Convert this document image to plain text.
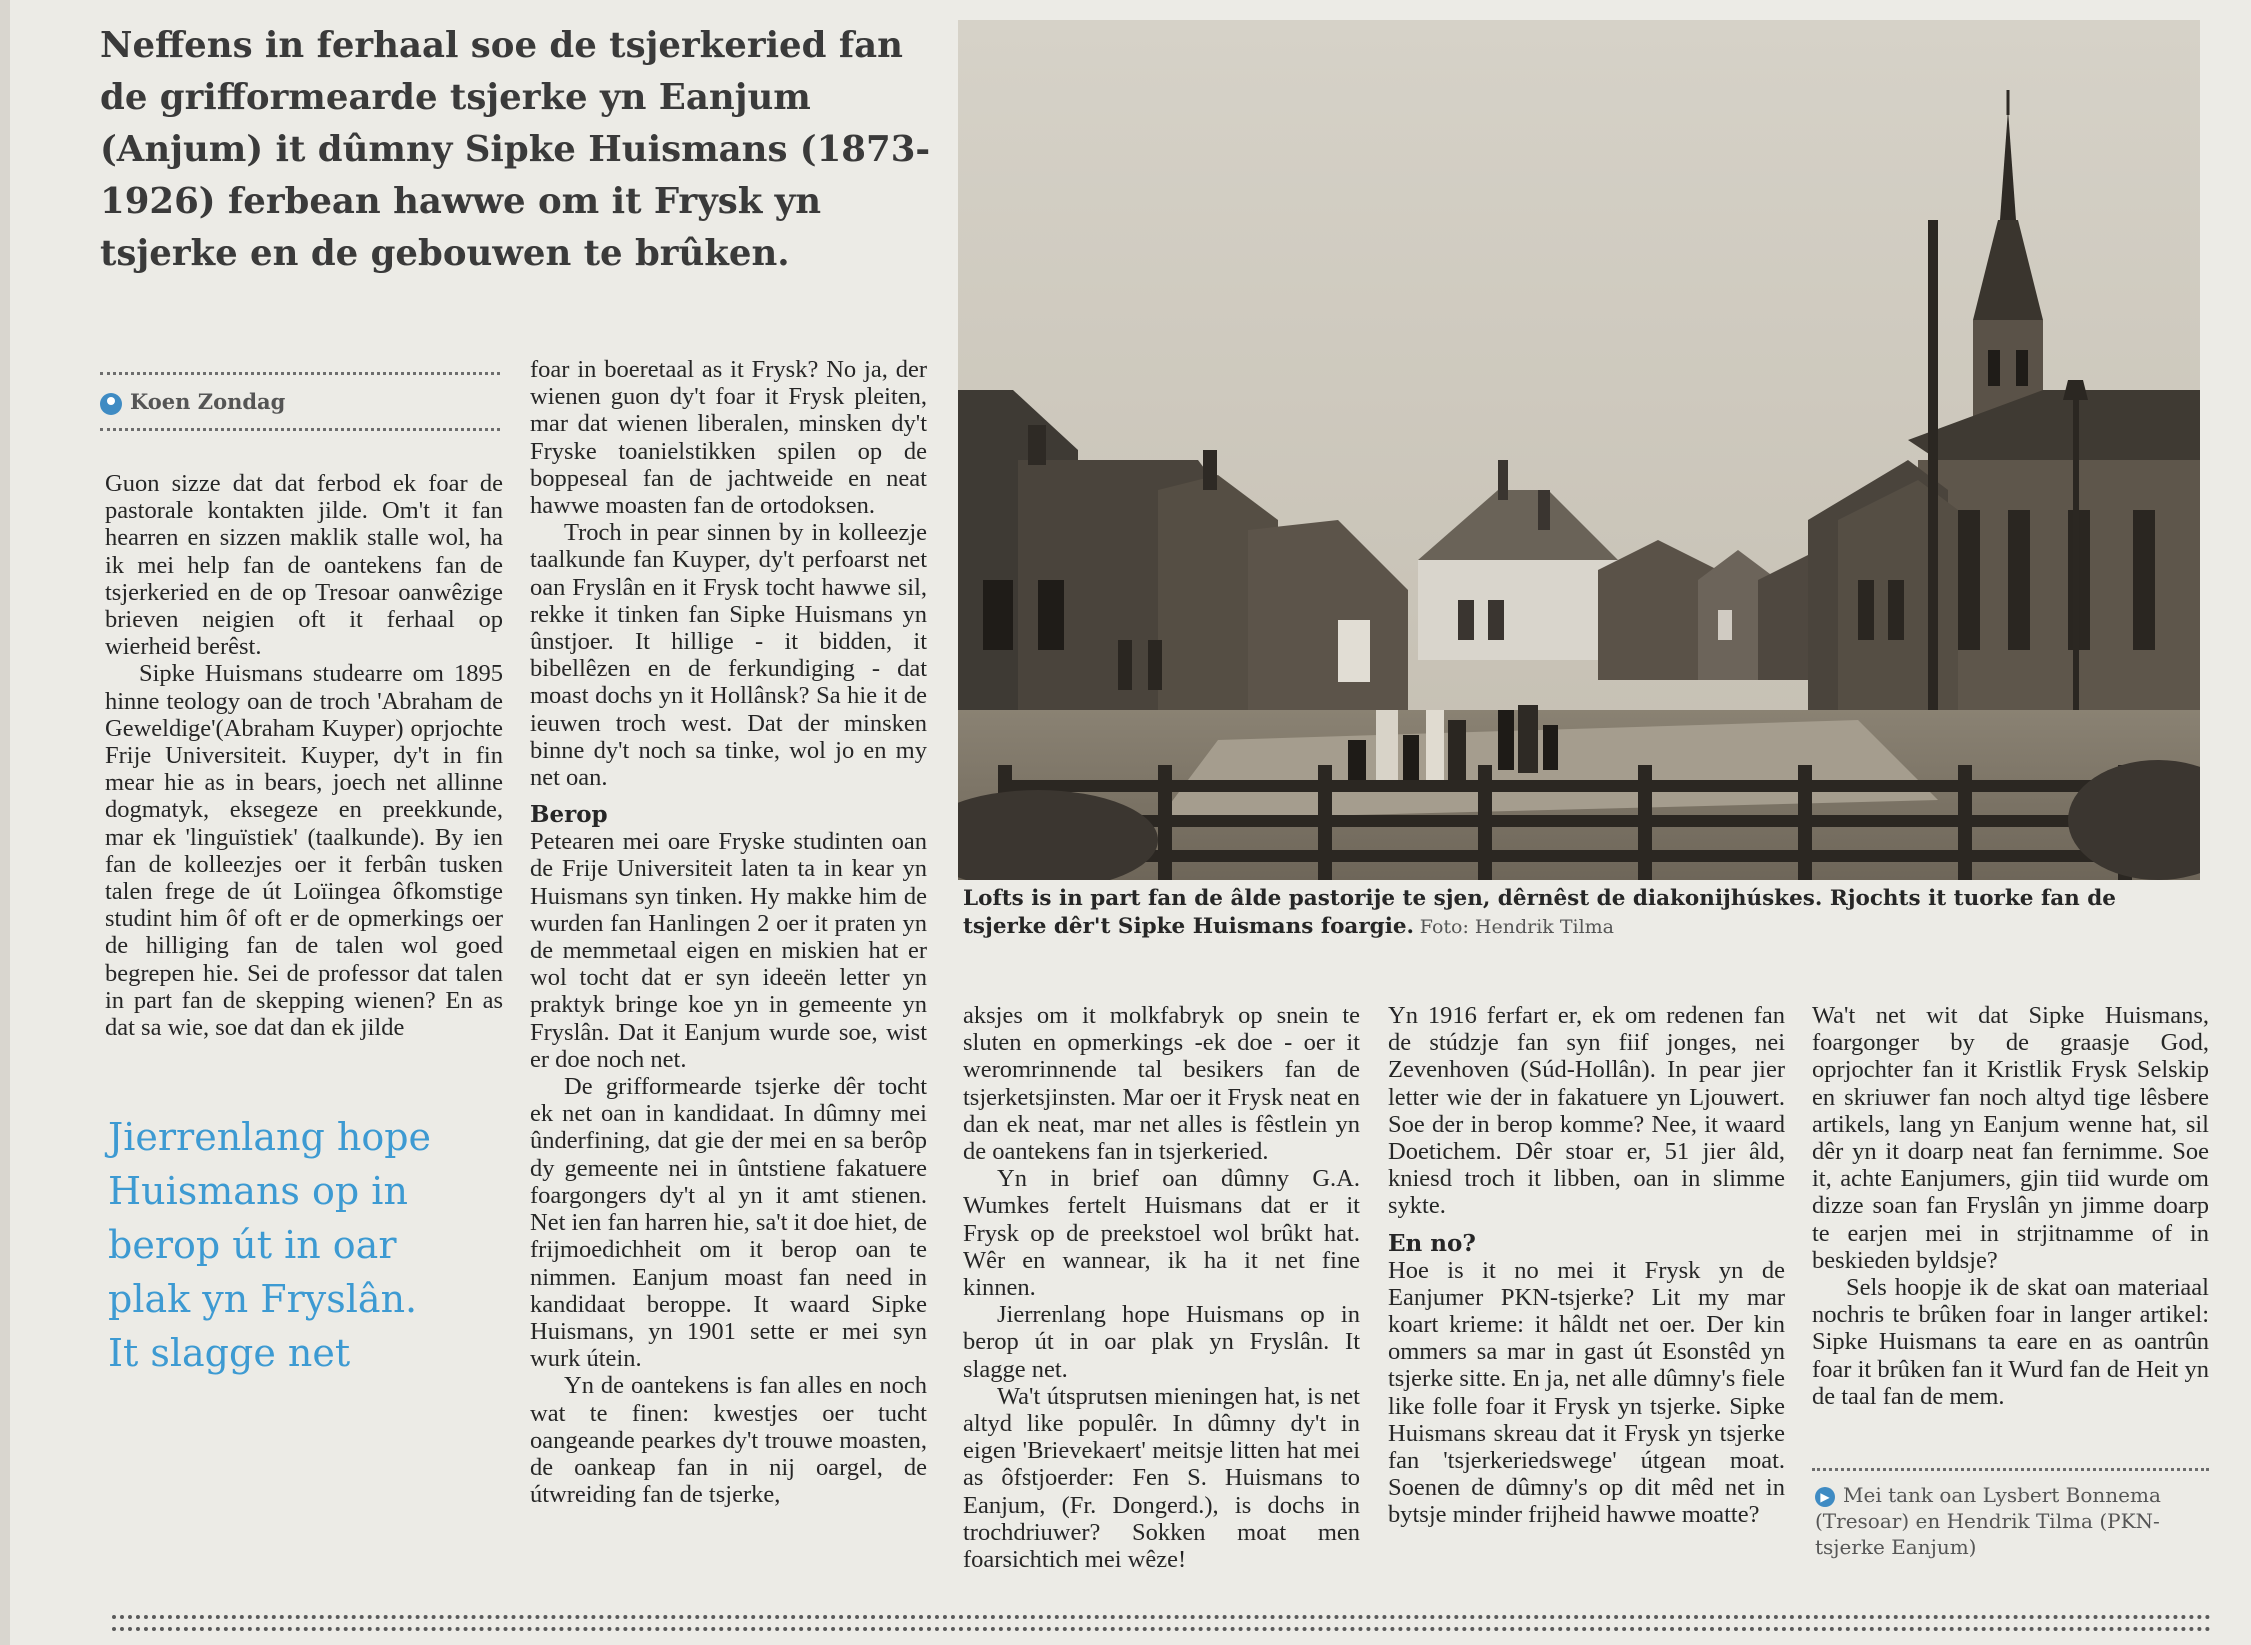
Neffens in ferhaal soe de tsjerkeried fan de grifformearde tsjerke yn Eanjum (Anjum) it dûmny Sipke Huismans (1873-1926) ferbean hawwe om it Frysk yn tsjerke en de gebouwen te brûken.
Koen Zondag

Guon sizze dat dat ferbod ek foar de pastorale kontakten jilde. Om't it fan hearren en sizzen maklik stalle wol, ha ik mei help fan de oantekens fan de tsjerkeried en de op Tresoar oanwêzige brieven neigien oft it ferhaal op wierheid berêst.

Sipke Huismans studearre om 1895 hinne teology oan de troch 'Abraham de Geweldige'(Abraham Kuyper) oprjochte Frije Universiteit. Kuyper, dy't in fin mear hie as in bears, joech net allinne dogmatyk, eksegeze en preekkunde, mar ek 'linguïstiek' (taalkunde). By ien fan de kolleezjes oer it ferbân tusken talen frege de út Loïingea ôfkomstige studint him ôf oft er de opmerkings oer de hilliging fan de talen wol goed begrepen hie. Sei de professor dat talen in part fan de skepping wienen? En as dat sa wie, soe dat dan ek jilde

Jierrenlang hope Huismans op in berop út in oar plak yn Fryslân. It slagge net

foar in boeretaal as it Frysk? No ja, der wienen guon dy't foar it Frysk pleiten, mar dat wienen liberalen, minsken dy't Fryske toanielstikken spilen op de boppeseal fan de jachtweide en neat hawwe moasten fan de ortodoksen.

Troch in pear sinnen by in kolleezje taalkunde fan Kuyper, dy't perfoarst net oan Fryslân en it Frysk tocht hawwe sil, rekke it tinken fan Sipke Huismans yn ûnstjoer. It hillige - it bidden, it bibellêzen en de ferkundiging - dat moast dochs yn it Hollânsk? Sa hie it de ieuwen troch west. Dat der minsken binne dy't noch sa tinke, wol jo en my net oan.

Berop

Petearen mei oare Fryske studinten oan de Frije Universiteit laten ta in kear yn Huismans syn tinken. Hy makke him de wurden fan Hanlingen 2 oer it praten yn de memmetaal eigen en miskien hat er wol tocht dat er syn ideeën letter yn praktyk bringe koe yn in gemeente yn Fryslân. Dat it Eanjum wurde soe, wist er doe noch net.

De grifformearde tsjerke dêr tocht ek net oan in kandidaat. In dûmny mei ûnderfining, dat gie der mei en sa berôp dy gemeente nei in ûntstiene fakatuere foargongers dy't al yn it amt stienen. Net ien fan harren hie, sa't it doe hiet, de frijmoedichheit om it berop oan te nimmen. Eanjum moast fan need in kandidaat beroppe. It waard Sipke Huismans, yn 1901 sette er mei syn wurk útein.

Yn de oantekens is fan alles en noch wat te finen: kwestjes oer tucht oangeande pearkes dy't trouwe moasten, de oankeap fan in nij oargel, de útwreiding fan de tsjerke,

Lofts is in part fan de âlde pastorije te sjen, dêrnêst de diakonijhúskes. Rjochts it tuorke fan de tsjerke dêr't Sipke Huismans foargie. Foto: Hendrik Tilma

aksjes om it molkfabryk op snein te sluten en opmerkings -ek doe - oer it weromrinnende tal besikers fan de tsjerketsjinsten. Mar oer it Frysk neat en dan ek neat, mar net alles is fêstlein yn de oantekens fan in tsjerkeried.

Yn in brief oan dûmny G.A. Wumkes fertelt Huismans dat er it Frysk op de preekstoel wol brûkt hat. Wêr en wannear, ik ha it net fine kinnen.

Jierrenlang hope Huismans op in berop út in oar plak yn Fryslân. It slagge net.

Wa't útsprutsen mieningen hat, is net altyd like populêr. In dûmny dy't in eigen 'Brievekaert' meitsje litten hat mei as ôfstjoerder: Fen S. Huismans to Eanjum, (Fr. Dongerd.), is dochs in trochdriuwer? Sokken moat men foarsichtich mei wêze!

Yn 1916 ferfart er, ek om redenen fan de stúdzje fan syn fiif jonges, nei Zevenhoven (Súd-Hollân). In pear jier letter wie der in fakatuere yn Ljouwert. Soe der in berop komme? Nee, it waard Doetichem. Dêr stoar er, 51 jier âld, kniesd troch it libben, oan in slimme sykte.

En no?

Hoe is it no mei it Frysk yn de Eanjumer PKN-tsjerke? Lit my mar koart krieme: it hâldt net oer. Der kin ommers sa mar in gast út Esonstêd yn tsjerke sitte. En ja, net alle dûmny's fiele like folle foar it Frysk yn tsjerke. Sipke Huismans skreau dat it Frysk yn tsjerke fan 'tsjerkeriedswege' útgean moat. Soenen de dûmny's op dit mêd net in bytsje minder frijheid hawwe moatte?

Wa't net wit dat Sipke Huismans, foargonger by de graasje God, oprjochter fan it Kristlik Frysk Selskip en skriuwer fan noch altyd tige lêsbere artikels, lang yn Eanjum wenne hat, sil dêr yn it doarp neat fan fernimme. Soe it, achte Eanjumers, gjin tiid wurde om dizze soan fan Fryslân yn jimme doarp te earjen mei in strjitnamme of in beskieden byldsje?

Sels hoopje ik de skat oan materiaal nochris te brûken foar in langer artikel: Sipke Huismans ta eare en as oantrûn foar it brûken fan it Wurd fan de Heit yn de taal fan de mem.

▶ Mei tank oan Lysbert Bonnema (Tresoar) en Hendrik Tilma (PKN-tsjerke Eanjum)
